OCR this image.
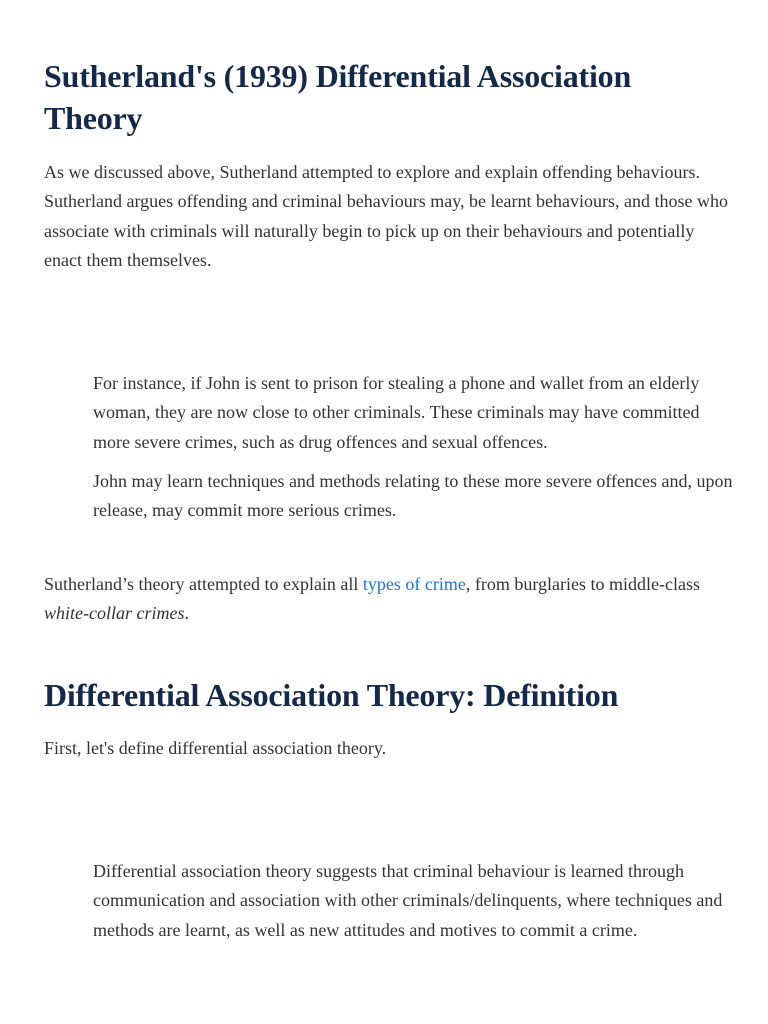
Sutherland's (1939) Differential Association Theory

As we discussed above, Sutherland attempted to explore and explain offending behaviours. Sutherland argues offending and criminal behaviours may, be learnt behaviours, and those who associate with criminals will naturally begin to pick up on their behaviours and potentially enact them themselves.

For instance, if John is sent to prison for stealing a phone and wallet from an elderly woman, they are now close to other criminals. These criminals may have committed more severe crimes, such as drug offences and sexual offences.

John may learn techniques and methods relating to these more severe offences and, upon release, may commit more serious crimes.

Sutherland’s theory attempted to explain all types of crime, from burglaries to middle-class white-collar crimes.

Differential Association Theory: Definition

First, let's define differential association theory.

Differential association theory suggests that criminal behaviour is learned through communication and association with other criminals/delinquents, where techniques and methods are learnt, as well as new attitudes and motives to commit a crime.
